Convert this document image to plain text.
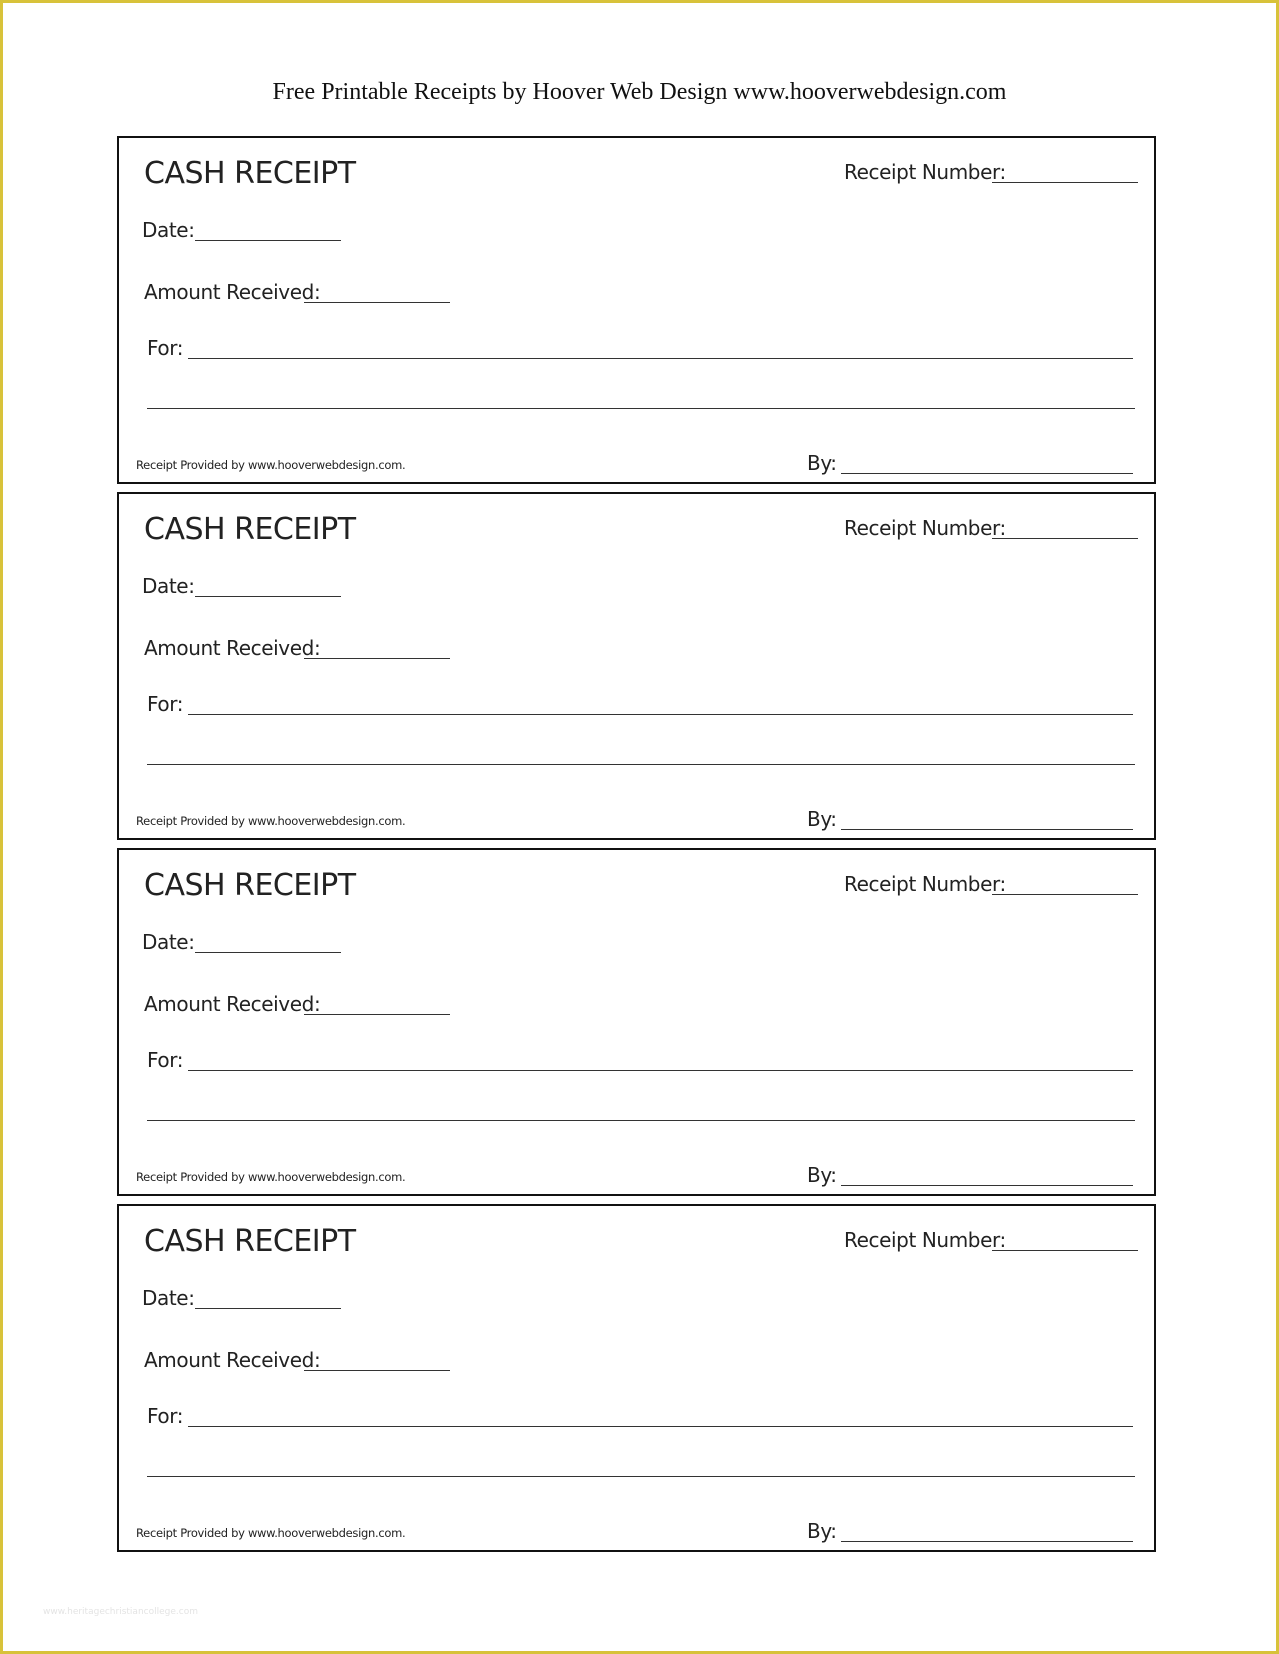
Free Printable Receipts by Hoover Web Design www.hooverwebdesign.com
CASH RECEIPT	Receipt Number:
Date:
Amount Received:
For:
Receipt Provided by www.hooverwebdesign.com.	By:
CASH RECEIPT	Receipt Number:
Date:
Amount Received:
For:
Receipt Provided by www.hooverwebdesign.com.	By:
CASH RECEIPT	Receipt Number:
Date:
Amount Received:
For:
Receipt Provided by www.hooverwebdesign.com.	By:
CASH RECEIPT	Receipt Number:
Date:
Amount Received:
For:
Receipt Provided by www.hooverwebdesign.com.	By:
www.heritagechristiancollege.com
